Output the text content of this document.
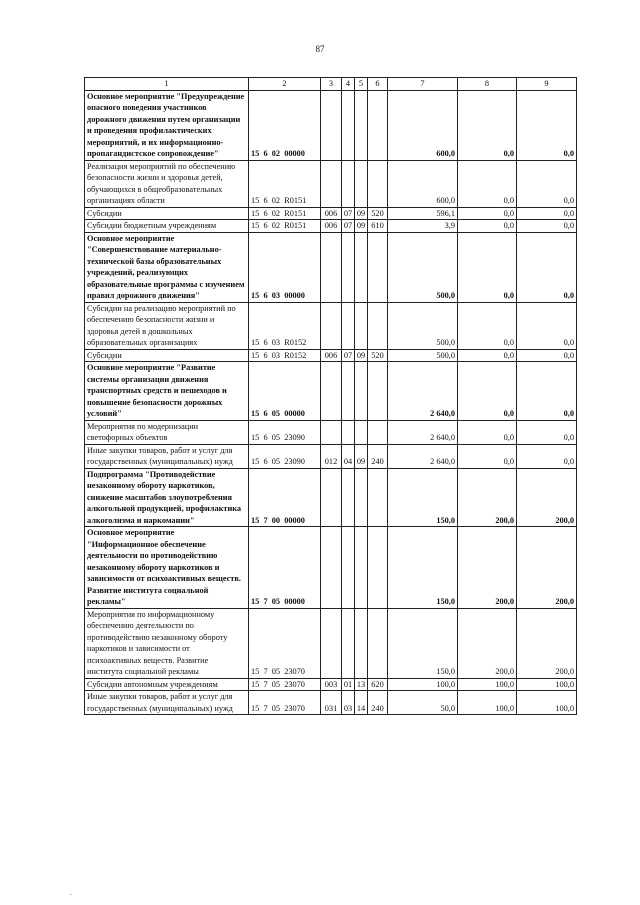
87
1	2	3	4	5	6	7	8	9
Основное мероприятие "Предупреждение опасного поведения участников дорожного движения путем организации и проведения профилактических мероприятий, и их информационно-пропагандистское сопровождение"	15  6  02  00000					600,0	0,0	0,0
Реализация мероприятий по обеспечению безопасности жизни и здоровья детей, обучающихся в общеобразовательных организациях области	15  6  02  R0151					600,0	0,0	0,0
Субсидии	15  6  02  R0151	006	07	09	520	596,1	0,0	0,0
Субсидии бюджетным учреждениям	15  6  02  R0151	006	07	09	610	3,9	0,0	0,0
Основное мероприятие "Совершенствование материально-технической базы образовательных учреждений, реализующих образовательные программы с изучением правил дорожного движения"	15  6  03  00000					500,0	0,0	0,0
Субсидии на реализацию мероприятий по обеспечению безопасности жизни и здоровья детей в дошкольных образовательных организациях	15  6  03  R0152					500,0	0,0	0,0
Субсидии	15  6  03  R0152	006	07	09	520	500,0	0,0	0,0
Основное мероприятие "Развитие системы организации движения транспортных средств и пешеходов и повышение безопасности дорожных условий"	15  6  05  00000					2 640,0	0,0	0,0
Мероприятия по модернизации светофорных объектов	15  6  05  23090					2 640,0	0,0	0,0
Иные закупки товаров, работ и услуг для государственных (муниципальных) нужд	15  6  05  23090	012	04	09	240	2 640,0	0,0	0,0
Подпрограмма "Противодействие незаконному обороту наркотиков, снижение масштабов злоупотребления алкогольной продукцией, профилактика алкоголизма и наркомании"	15  7  00  00000					150,0	200,0	200,0
Основное мероприятие "Информационное обеспечение деятельности по противодействию незаконному обороту наркотиков и зависимости от психоактивных веществ. Развитие института социальной рекламы"	15  7  05  00000					150,0	200,0	200,0
Мероприятия по информационному обеспечению деятельности по противодействию незаконному обороту наркотиков и зависимости от психоактивных веществ. Развитие института социальной рекламы	15  7  05  23070					150,0	200,0	200,0
Субсидии автономным учреждениям	15  7  05  23070	003	01	13	620	100,0	100,0	100,0
Иные закупки товаров, работ и услуг для государственных (муниципальных) нужд	15  7  05  23070	031	03	14	240	50,0	100,0	100,0
.
